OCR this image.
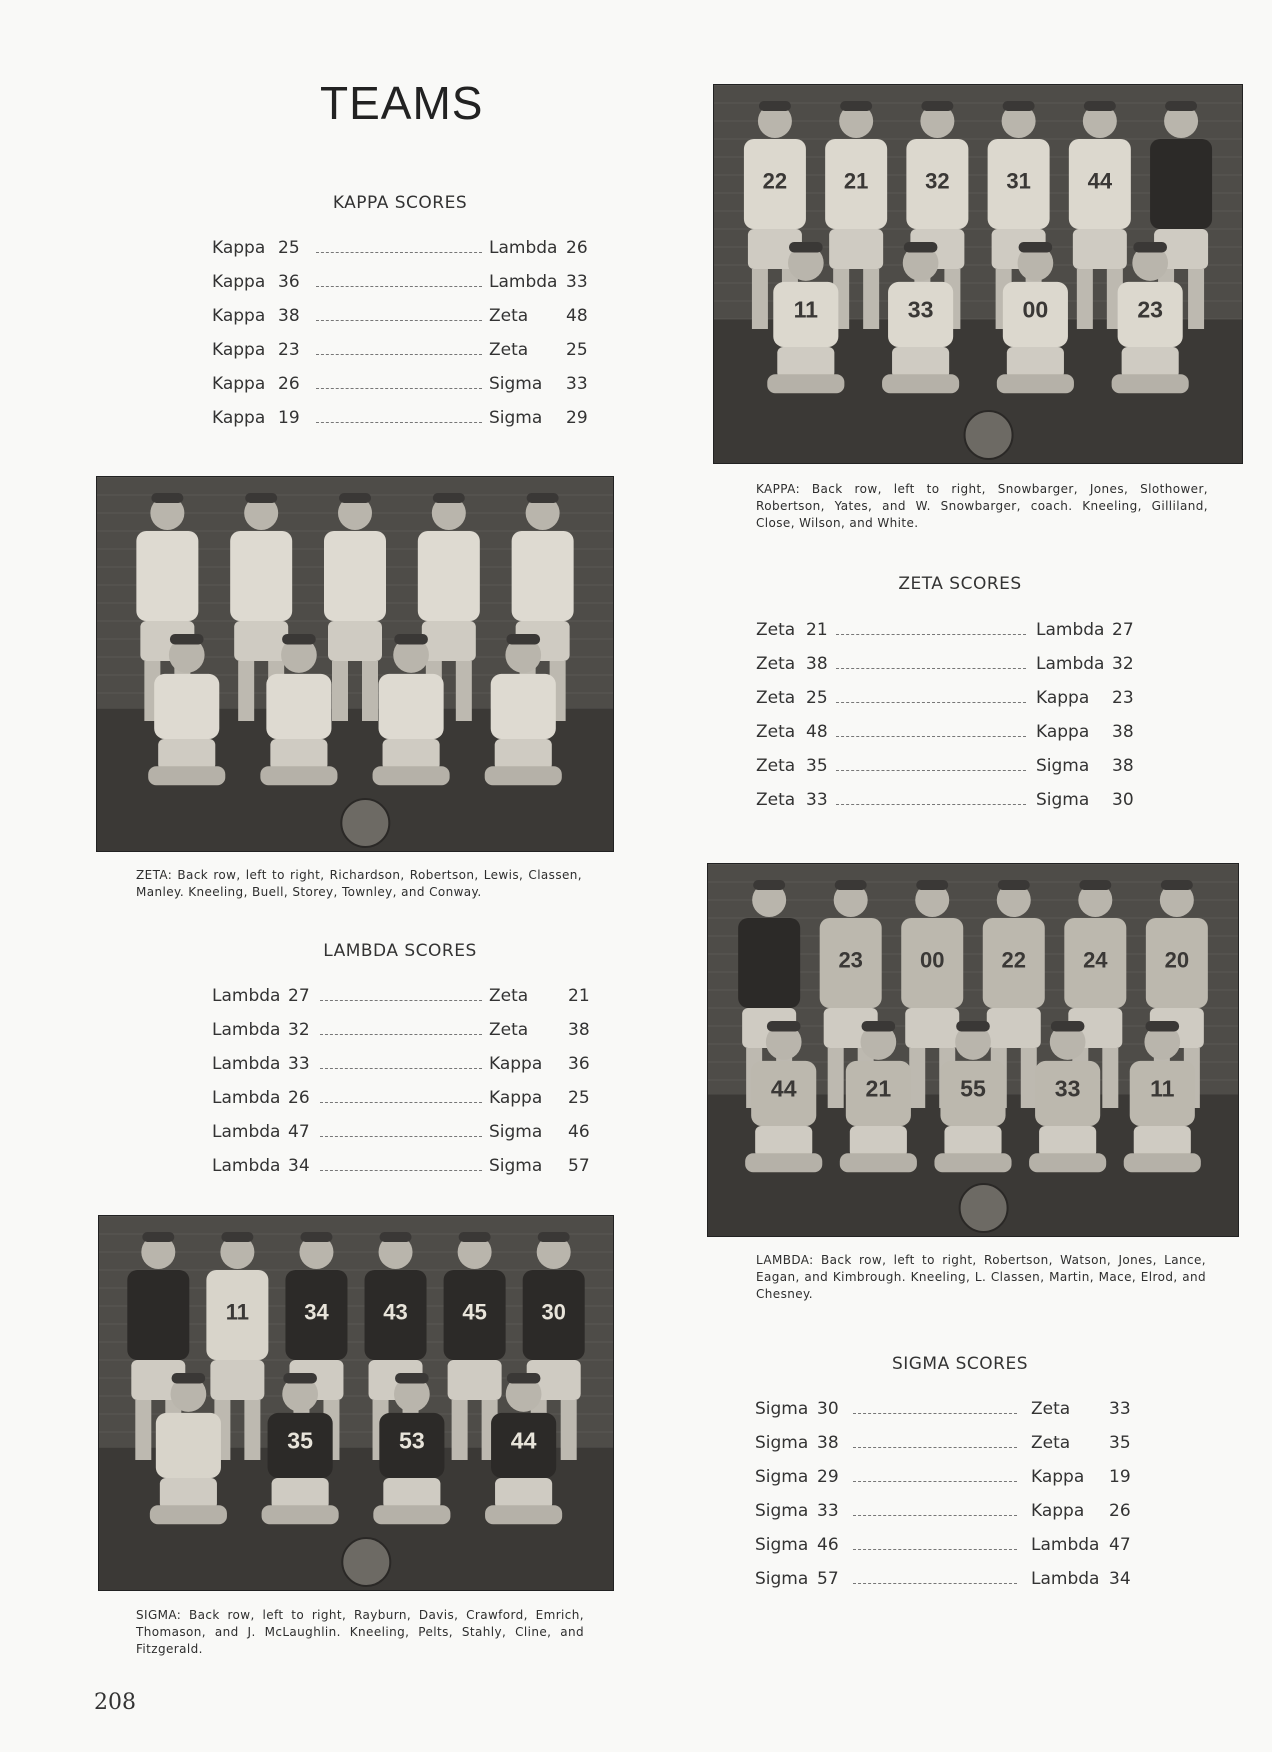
TEAMS
KAPPA SCORES
Kappa 25	Lambda 26
Kappa 36	Lambda 33
Kappa 38	Zeta 48
Kappa 23	Zeta 25
Kappa 26	Sigma 33
Kappa 19	Sigma 29
22	21	32	31	44
11	33	00	23
KAPPA: Back row, left to right, Snowbarger, Jones, Slothower, Robertson, Yates, and W. Snowbarger, coach. Kneeling, Gilliland, Close, Wilson, and White.
ZETA: Back row, left to right, Richardson, Robertson, Lewis, Classen, Manley. Kneeling, Buell, Storey, Townley, and Conway.
ZETA SCORES
Zeta 21	Lambda 27
Zeta 38	Lambda 32
Zeta 25	Kappa 23
Zeta 48	Kappa 38
Zeta 35	Sigma 38
Zeta 33	Sigma 30
LAMBDA SCORES
Lambda 27	Zeta 21
Lambda 32	Zeta 38
Lambda 33	Kappa 36
Lambda 26	Kappa 25
Lambda 47	Sigma 46
Lambda 34	Sigma 57
23	00	22	24	20
44	21	55	33	11
LAMBDA: Back row, left to right, Robertson, Watson, Jones, Lance, Eagan, and Kimbrough. Kneeling, L. Classen, Martin, Mace, Elrod, and Chesney.
11	34 43 45 30
35	53	44
SIGMA: Back row, left to right, Rayburn, Davis, Crawford, Emrich, Thomason, and J. McLaughlin. Kneeling, Pelts, Stahly, Cline, and Fitzgerald.
SIGMA SCORES
Sigma 30	Zeta 33
Sigma 38	Zeta 35
Sigma 29	Kappa 19
Sigma 33	Kappa 26
Sigma 46	Lambda 47
Sigma 57	Lambda 34
208
